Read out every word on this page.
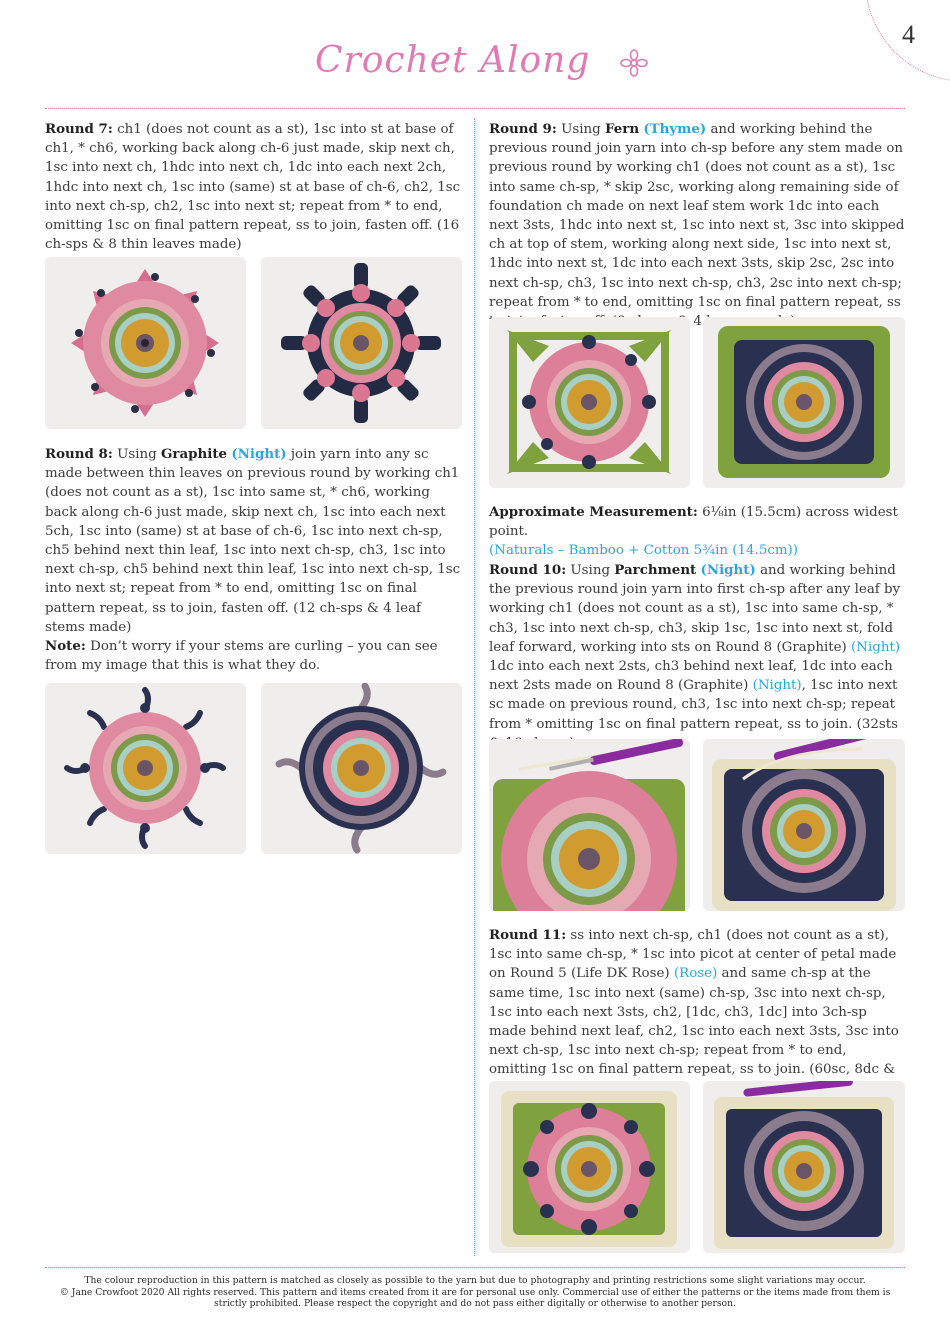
4
Crochet Along

Round 7: ch1 (does not count as a st), 1sc into st at base of ch1, * ch6, working back along ch-6 just made, skip next ch, 1sc into next ch, 1hdc into next ch, 1dc into each next 2ch, 1hdc into next ch, 1sc into (same) st at base of ch-6, ch2, 1sc into next ch-sp, ch2, 1sc into next st; repeat from * to end, omitting 1sc on final pattern repeat, ss to join, fasten off. (16 ch-sps & 8 thin leaves made)

Round 8: Using Graphite (Night) join yarn into any sc made between thin leaves on previous round by working ch1 (does not count as a st), 1sc into same st, * ch6, working back along ch-6 just made, skip next ch, 1sc into each next 5ch, 1sc into (same) st at base of ch-6, 1sc into next ch-sp, ch5 behind next thin leaf, 1sc into next ch-sp, ch3, 1sc into next ch-sp, ch5 behind next thin leaf, 1sc into next ch-sp, 1sc into next st; repeat from * to end, omitting 1sc on final pattern repeat, ss to join, fasten off. (12 ch-sps & 4 leaf stems made)

Note: Don’t worry if your stems are curling – you can see from my image that this is what they do.

Round 9: Using Fern (Thyme) and working behind the previous round join yarn into ch-sp before any stem made on previous round by working ch1 (does not count as a st), 1sc into same ch-sp, * skip 2sc, working along remaining side of foundation ch made on next leaf stem work 1dc into each next 3sts, 1hdc into next st, 1sc into next st, 3sc into skipped ch at top of stem, working along next side, 1sc into next st, 1hdc into next st, 1dc into each next 3sts, skip 2sc, 2sc into next ch-sp, ch3, 1sc into next ch-sp, ch3, 2sc into next ch-sp; repeat from * to end, omitting 1sc on final pattern repeat, ss 4

Approximate Measurement: 6⅛in (15.5cm) across widest point.
(Naturals – Bamboo + Cotton 5¾in (14.5cm))

Round 10: Using Parchment (Night) and working behind the previous round join yarn into first ch-sp after any leaf by working ch1 (does not count as a st), 1sc into same ch-sp, * ch3, 1sc into next ch-sp, ch3, skip 1sc, 1sc into next st, fold leaf forward, working into sts on Round 8 (Graphite) (Night) 1dc into each next 2sts, ch3 behind next leaf, 1dc into each next 2sts made on Round 8 (Graphite) (Night), 1sc into next sc made on previous round, ch3, 1sc into next ch-sp; repeat from * omitting 1sc on final pattern repeat, ss to join. (32sts

Round 11: ss into next ch-sp, ch1 (does not count as a st), 1sc into same ch-sp, * 1sc into picot at center of petal made on Round 5 (Life DK Rose) (Rose) and same ch-sp at the same time, 1sc into next (same) ch-sp, 3sc into next ch-sp, 1sc into each next 3sts, ch2, [1dc, ch3, 1dc] into 3ch-sp made behind next leaf, ch2, 1sc into each next 3sts, 3sc into next ch-sp, 1sc into next ch-sp; repeat from * to end, omitting 1sc on final pattern repeat, ss to join. (60sc, 8dc &

The colour reproduction in this pattern is matched as closely as possible to the yarn but due to photography and printing restrictions some slight variations may occur.
© Jane Crowfoot 2020 All rights reserved. This pattern and items created from it are for personal use only. Commercial use of either the patterns or the items made from them is strictly prohibited. Please respect the copyright and do not pass either digitally or otherwise to another person.
